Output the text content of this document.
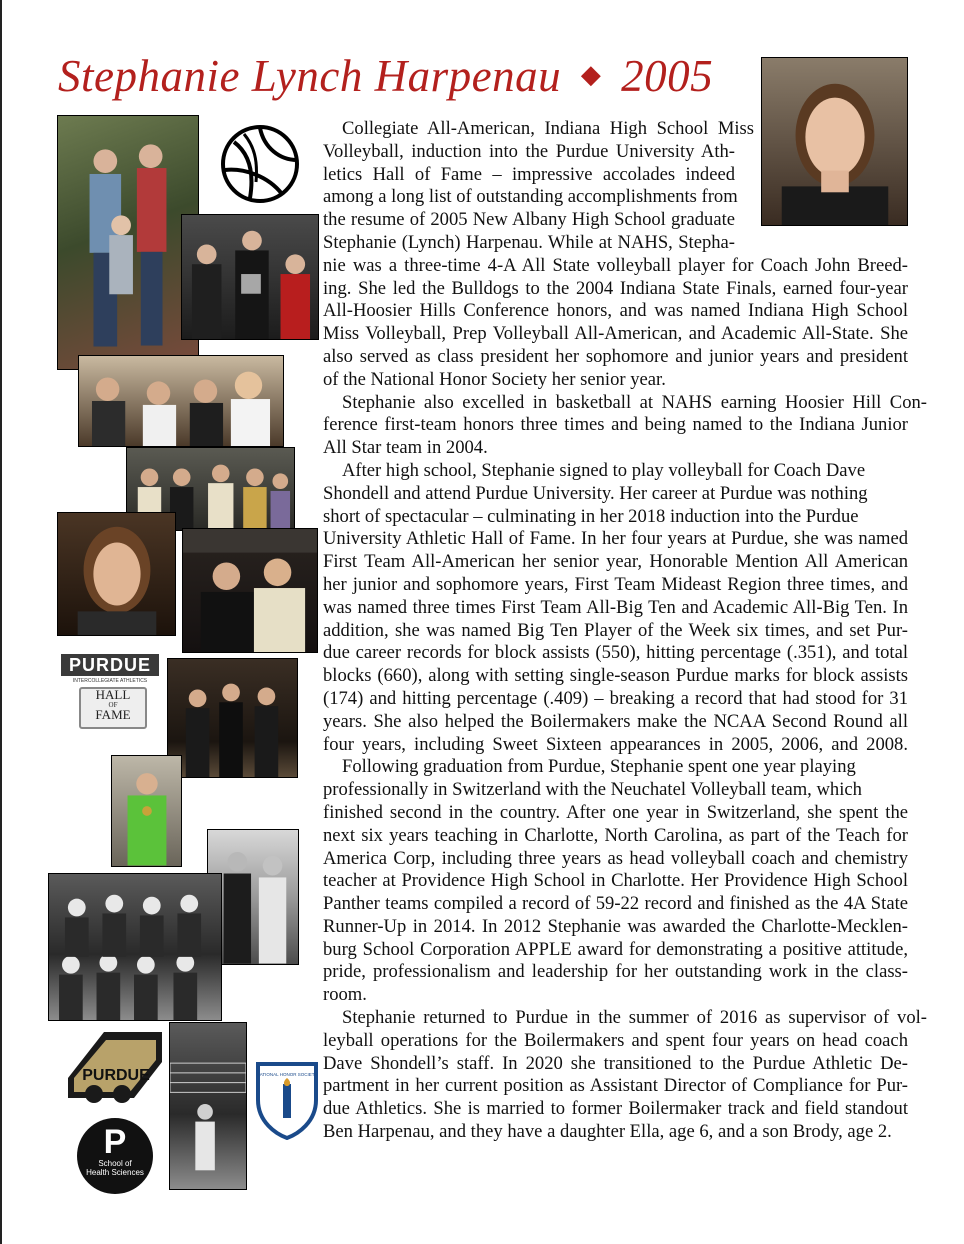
Stephanie Lynch Harpenau ◆ 2005
PURDUE
INTERCOLLEGIATE ATHLETICS
HALL
OF
FAME
PURDUE	NATIONAL HONOR SOCIETY
P
School of
Health Sciences
Collegiate All-American, Indiana High School Miss
Volleyball, induction into the Purdue University Ath-
letics Hall of Fame – impressive accolades indeed
among a long list of outstanding accomplishments from
the resume of 2005 New Albany High School graduate
Stephanie (Lynch) Harpenau. While at NAHS, Stepha-
nie was a three-time 4-A All State volleyball player for Coach John Breed-
ing. She led the Bulldogs to the 2004 Indiana State Finals, earned four-year
All-Hoosier Hills Conference honors, and was named Indiana High School
Miss Volleyball, Prep Volleyball All-American, and Academic All-State. She
also served as class president her sophomore and junior years and president
of the National Honor Society her senior year.
Stephanie also excelled in basketball at NAHS earning Hoosier Hill Con-
ference first-team honors three times and being named to the Indiana Junior
All Star team in 2004.
After high school, Stephanie signed to play volleyball for Coach Dave
Shondell and attend Purdue University. Her career at Purdue was nothing
short of spectacular – culminating in her 2018 induction into the Purdue
University Athletic Hall of Fame. In her four years at Purdue, she was named
First Team All-American her senior year, Honorable Mention All American
her junior and sophomore years, First Team Mideast Region three times, and
was named three times First Team All-Big Ten and Academic All-Big Ten. In
addition, she was named Big Ten Player of the Week six times, and set Pur-
due career records for block assists (550), hitting percentage (.351), and total
blocks (660), along with setting single-season Purdue marks for block assists
(174) and hitting percentage (.409) – breaking a record that had stood for 31
years. She also helped the Boilermakers make the NCAA Second Round all
four years, including Sweet Sixteen appearances in 2005, 2006, and 2008.
Following graduation from Purdue, Stephanie spent one year playing
professionally in Switzerland with the Neuchatel Volleyball team, which
finished second in the country. After one year in Switzerland, she spent the
next six years teaching in Charlotte, North Carolina, as part of the Teach for
America Corp, including three years as head volleyball coach and chemistry
teacher at Providence High School in Charlotte. Her Providence High School
Panther teams compiled a record of 59-22 record and finished as the 4A State
Runner-Up in 2014. In 2012 Stephanie was awarded the Charlotte-Mecklen-
burg School Corporation APPLE award for demonstrating a positive attitude,
pride, professionalism and leadership for her outstanding work in the class-
room.
Stephanie returned to Purdue in the summer of 2016 as supervisor of vol-
leyball operations for the Boilermakers and spent four years on head coach
Dave Shondell’s staff. In 2020 she transitioned to the Purdue Athletic De-
partment in her current position as Assistant Director of Compliance for Pur-
due Athletics. She is married to former Boilermaker track and field standout
Ben Harpenau, and they have a daughter Ella, age 6, and a son Brody, age 2.
